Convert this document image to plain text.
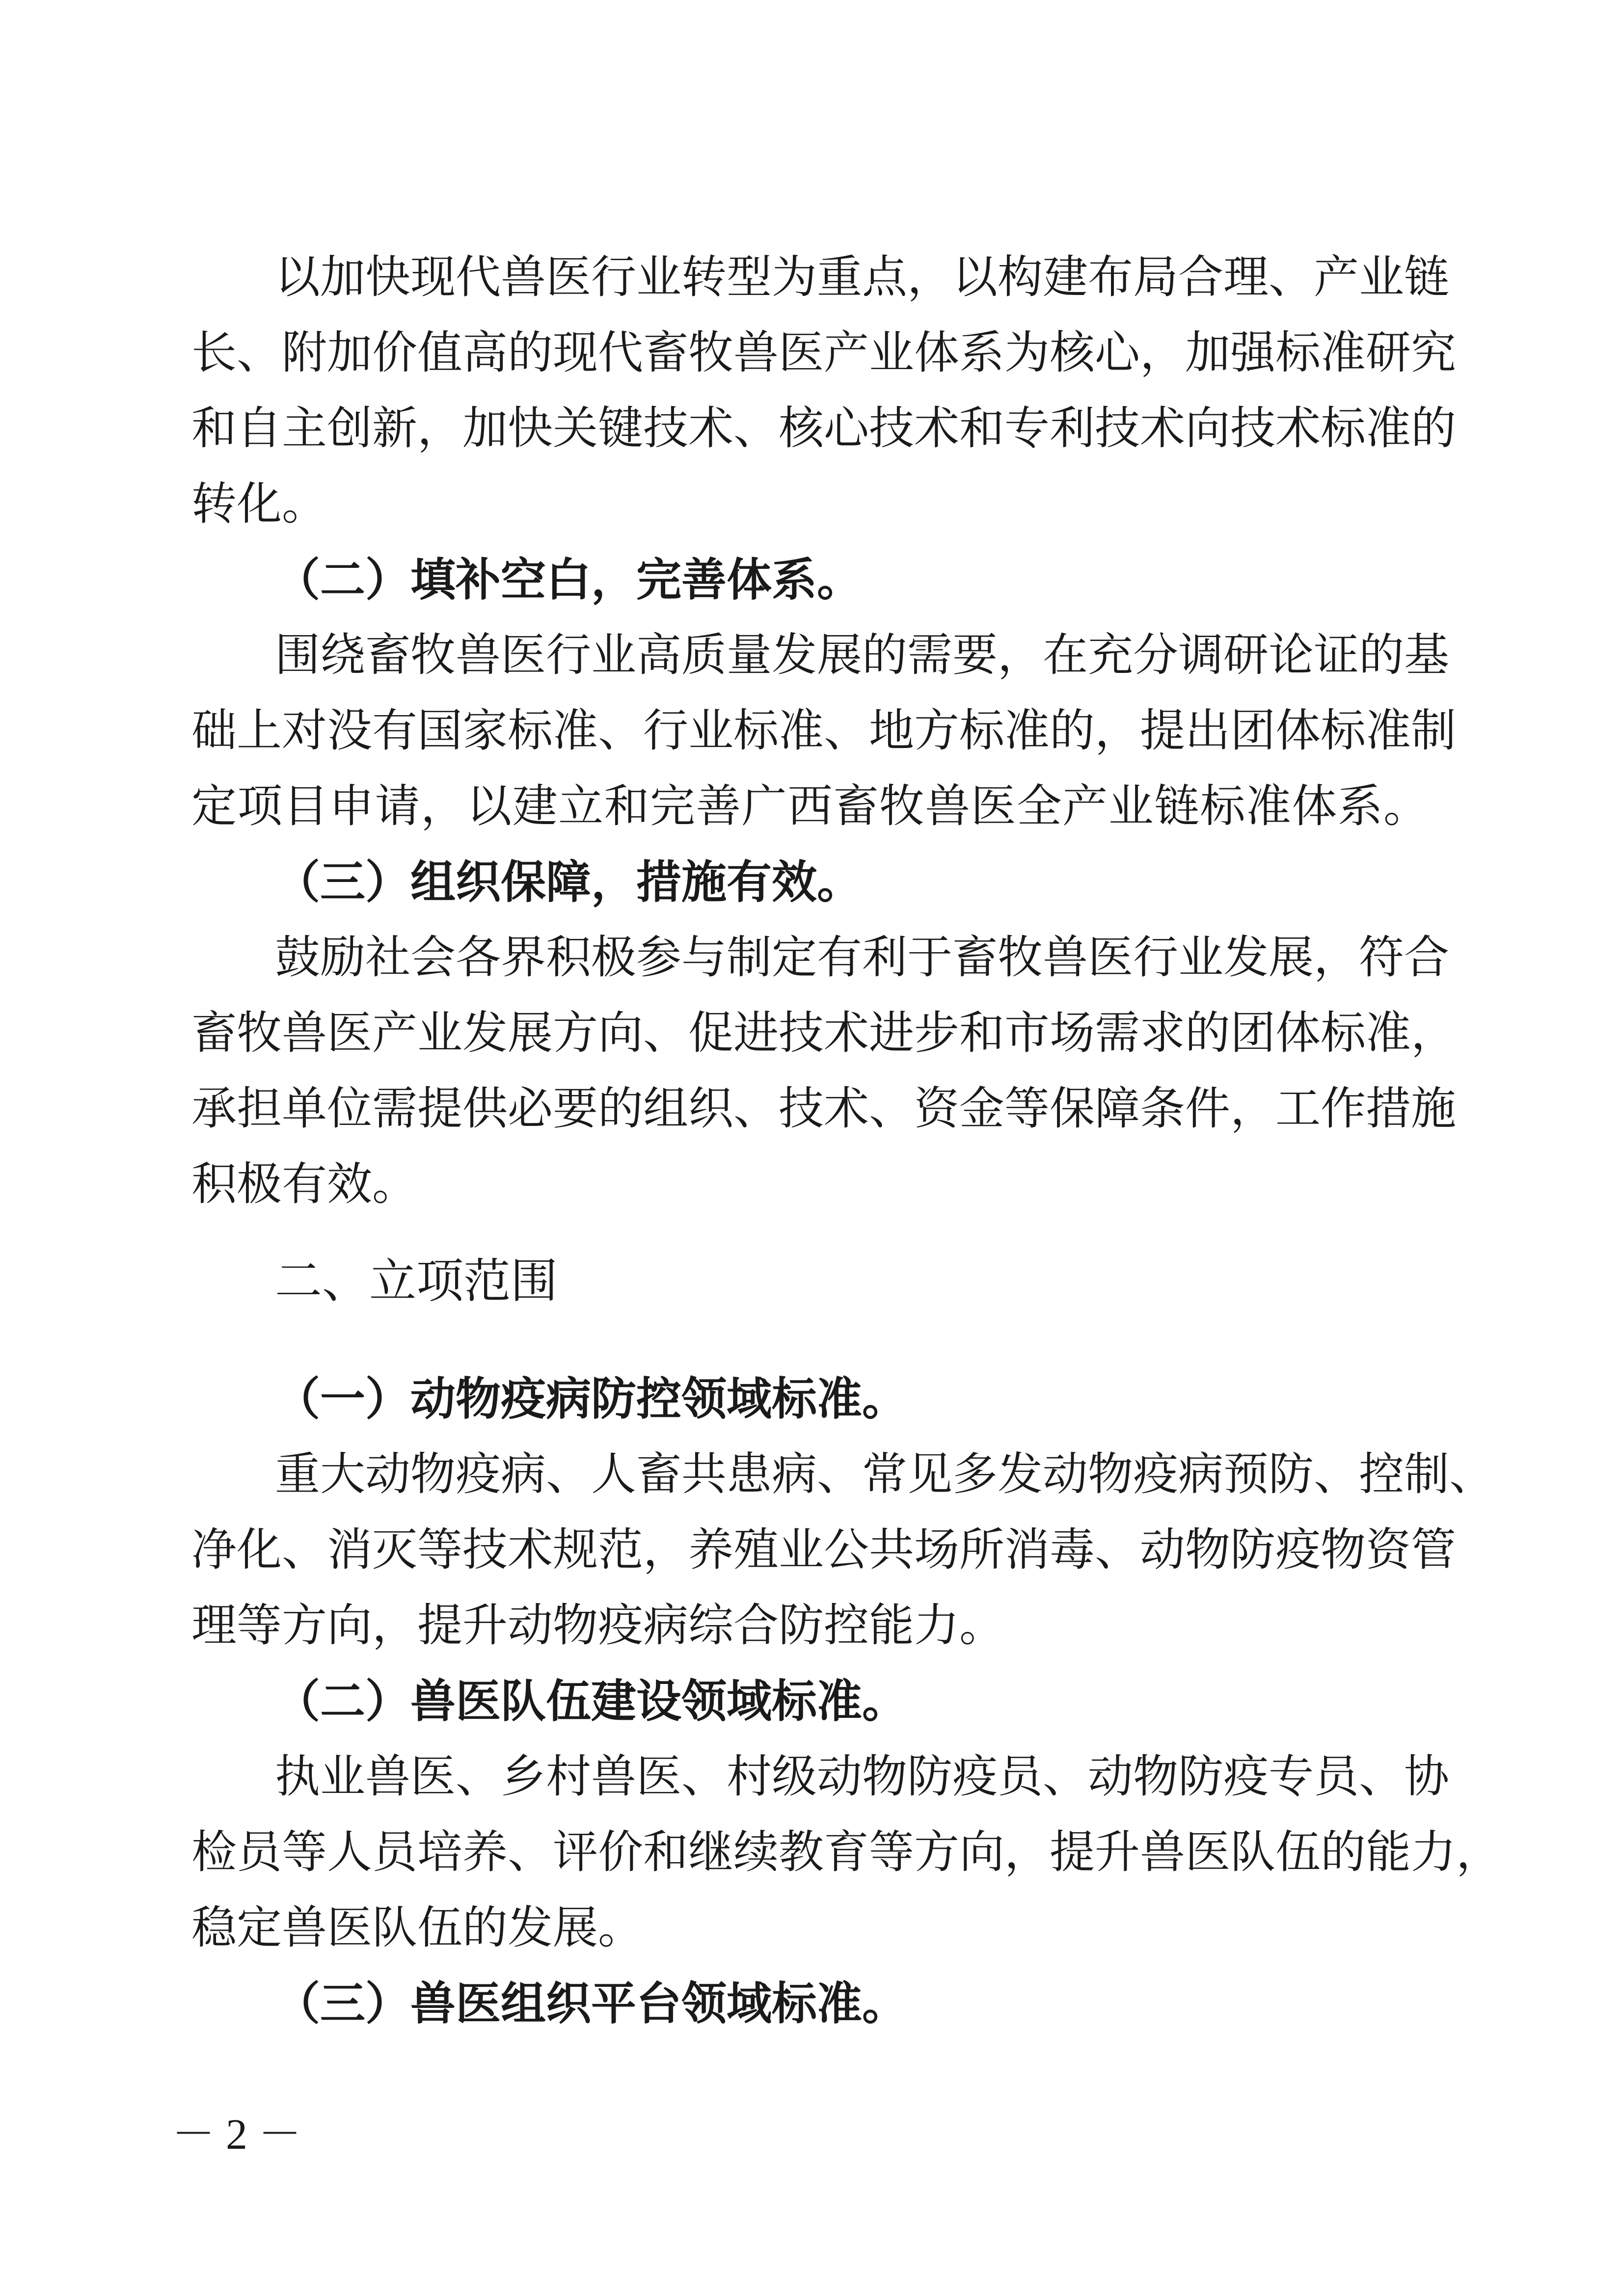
以加快现代兽医行业转型为重点，以构建布局合理、产业链
长、附加价值高的现代畜牧兽医产业体系为核心，加强标准研究
和自主创新，加快关键技术、核心技术和专利技术向技术标准的
转化。
（二）填补空白，完善体系。
围绕畜牧兽医行业高质量发展的需要，在充分调研论证的基
础上对没有国家标准、行业标准、地方标准的，提出团体标准制
定项目申请，以建立和完善广西畜牧兽医全产业链标准体系。
（三）组织保障，措施有效。
鼓励社会各界积极参与制定有利于畜牧兽医行业发展，符合
畜牧兽医产业发展方向、促进技术进步和市场需求的团体标准，
承担单位需提供必要的组织、技术、资金等保障条件，工作措施
积极有效。
二、立项范围
（一）动物疫病防控领域标准。
重大动物疫病、人畜共患病、常见多发动物疫病预防、控制、
净化、消灭等技术规范，养殖业公共场所消毒、动物防疫物资管
理等方向，提升动物疫病综合防控能力。
（二）兽医队伍建设领域标准。
执业兽医、乡村兽医、村级动物防疫员、动物防疫专员、协
检员等人员培养、评价和继续教育等方向，提升兽医队伍的能力，
稳定兽医队伍的发展。
（三）兽医组织平台领域标准。
－ 2 －
